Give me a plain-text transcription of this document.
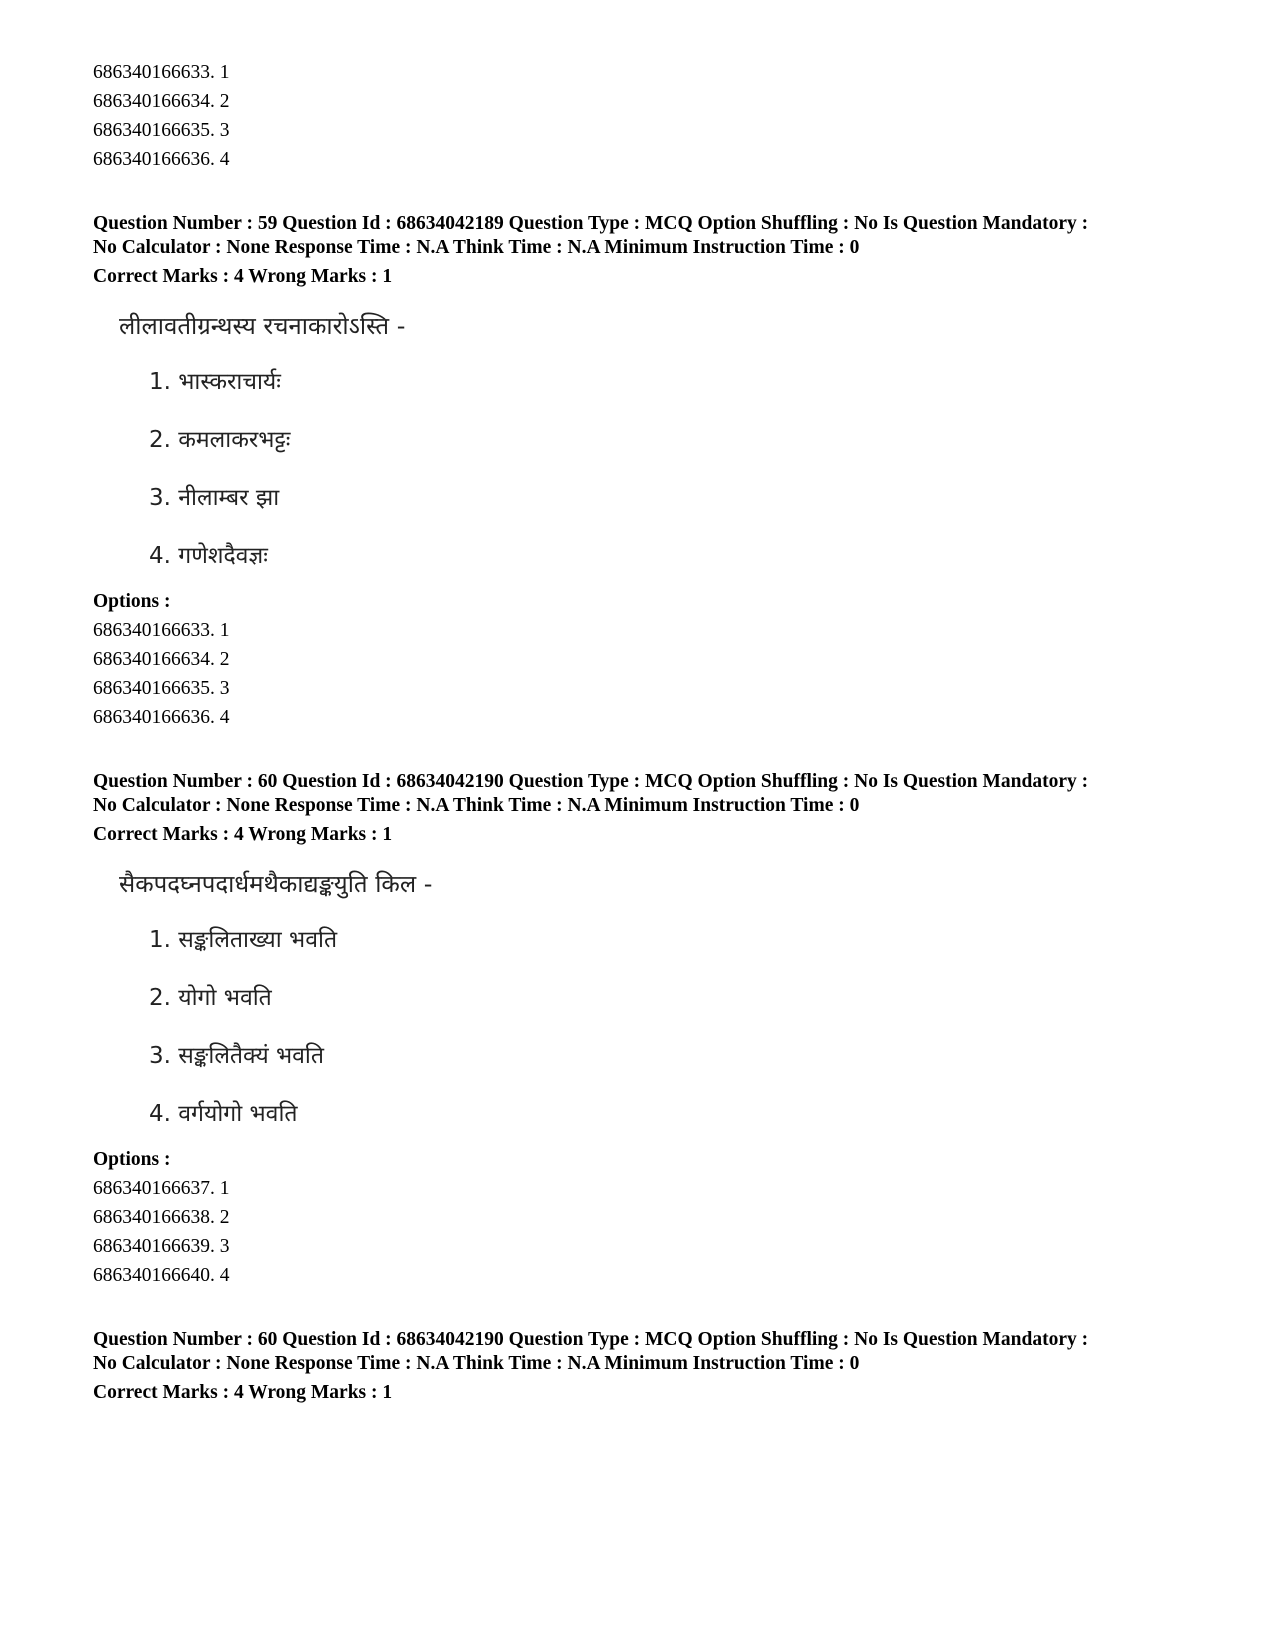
686340166633. 1
686340166634. 2
686340166635. 3
686340166636. 4
Question Number : 59 Question Id : 68634042189 Question Type : MCQ Option Shuffling : No Is Question Mandatory :
No Calculator : None Response Time : N.A Think Time : N.A Minimum Instruction Time : 0
Correct Marks : 4 Wrong Marks : 1
लीलावतीग्रन्थस्य रचनाकारोऽस्ति -
1. भास्कराचार्यः
2. कमलाकरभट्टः
3. नीलाम्बर झा
4. गणेशदैवज्ञः
Options :
686340166633. 1
686340166634. 2
686340166635. 3
686340166636. 4
Question Number : 60 Question Id : 68634042190 Question Type : MCQ Option Shuffling : No Is Question Mandatory :
No Calculator : None Response Time : N.A Think Time : N.A Minimum Instruction Time : 0
Correct Marks : 4 Wrong Marks : 1
सैकपदघ्नपदार्धमथैकाद्यङ्कयुति किल -
1. सङ्कलिताख्या भवति
2. योगो भवति
3. सङ्कलितैक्यं भवति
4. वर्गयोगो भवति
Options :
686340166637. 1
686340166638. 2
686340166639. 3
686340166640. 4
Question Number : 60 Question Id : 68634042190 Question Type : MCQ Option Shuffling : No Is Question Mandatory :
No Calculator : None Response Time : N.A Think Time : N.A Minimum Instruction Time : 0
Correct Marks : 4 Wrong Marks : 1
